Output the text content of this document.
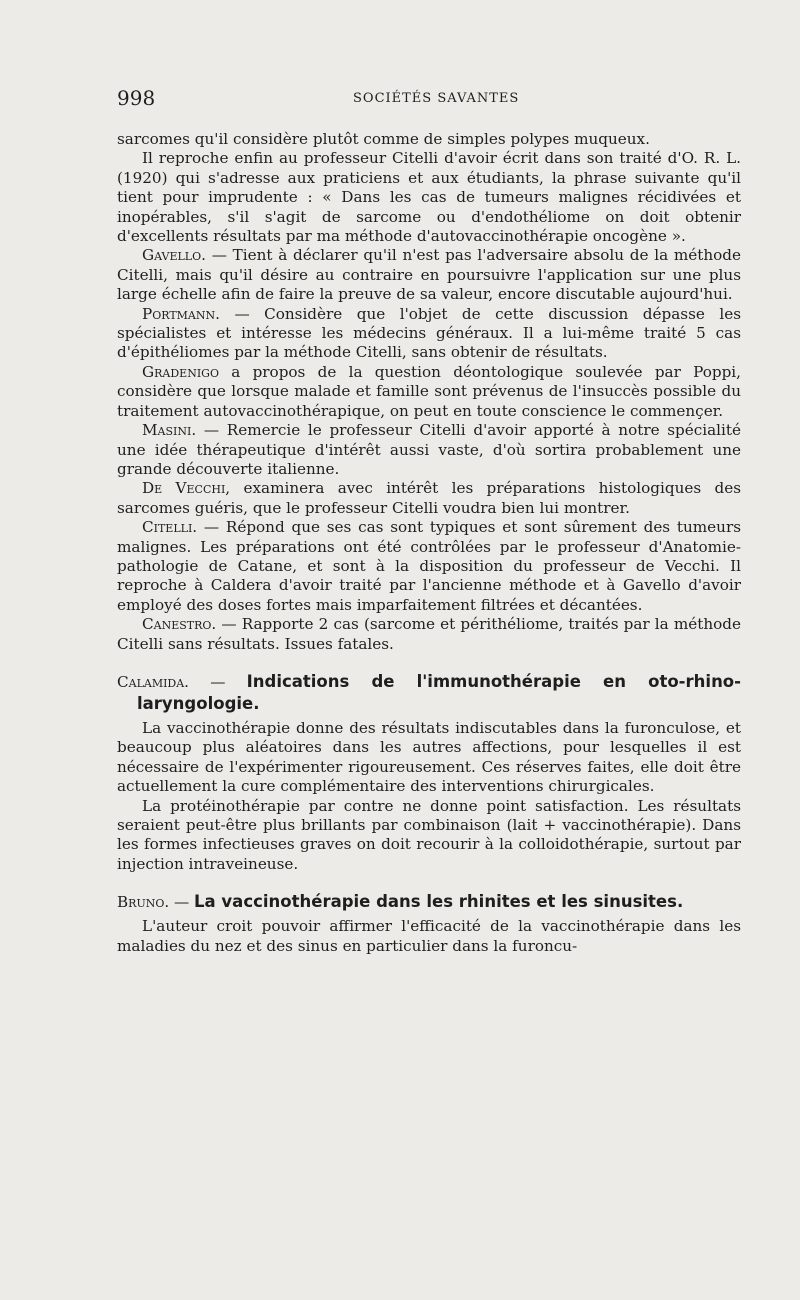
998	SOCIÉTÉS SAVANTES

sarcomes qu'il considère plutôt comme de simples polypes muqueux.

Il reproche enfin au professeur Citelli d'avoir écrit dans son traité d'O. R. L. (1920) qui s'adresse aux praticiens et aux étudiants, la phrase suivante qu'il tient pour imprudente : « Dans les cas de tumeurs malignes récidivées et inopérables, s'il s'agit de sarcome ou d'endothéliome on doit obtenir d'excellents résultats par ma méthode d'autovaccinothérapie oncogène ».

Gavello. — Tient à déclarer qu'il n'est pas l'adversaire absolu de la méthode Citelli, mais qu'il désire au contraire en poursuivre l'application sur une plus large échelle afin de faire la preuve de sa valeur, encore discutable aujourd'hui.

Portmann. — Considère que l'objet de cette discussion dépasse les spécialistes et intéresse les médecins généraux. Il a lui-même traité 5 cas d'épithéliomes par la méthode Citelli, sans obtenir de résultats.

Gradenigo a propos de la question déontologique soulevée par Poppi, considère que lorsque malade et famille sont prévenus de l'insuccès possible du traitement autovaccinothérapique, on peut en toute conscience le commençer.

Masini. — Remercie le professeur Citelli d'avoir apporté à notre spécialité une idée thérapeutique d'intérêt aussi vaste, d'où sortira probablement une grande découverte italienne.

De Vecchi, examinera avec intérêt les préparations histologiques des sarcomes guéris, que le professeur Citelli voudra bien lui montrer.

Citelli. — Répond que ses cas sont typiques et sont sûrement des tumeurs malignes. Les préparations ont été contrôlées par le professeur d'Anatomie-pathologie de Catane, et sont à la disposition du professeur de Vecchi. Il reproche à Caldera d'avoir traité par l'ancienne méthode et à Gavello d'avoir employé des doses fortes mais imparfaitement filtrées et décantées.

Canestro. — Rapporte 2 cas (sarcome et périthéliome, traités par la méthode Citelli sans résultats. Issues fatales.

Calamida. — Indications de l'immunothérapie en oto-rhino-laryngologie.

La vaccinothérapie donne des résultats indiscutables dans la furonculose, et beaucoup plus aléatoires dans les autres affections, pour lesquelles il est nécessaire de l'expérimenter rigoureusement. Ces réserves faites, elle doit être actuellement la cure complémentaire des interventions chirurgicales.

La protéinothérapie par contre ne donne point satisfaction. Les résultats seraient peut-être plus brillants par combinaison (lait + vaccinothérapie). Dans les formes infectieuses graves on doit recourir à la colloidothérapie, surtout par injection intraveineuse.

Bruno. — La vaccinothérapie dans les rhinites et les sinusites.

L'auteur croit pouvoir affirmer l'efficacité de la vaccinothérapie dans les maladies du nez et des sinus en particulier dans la furoncu-
